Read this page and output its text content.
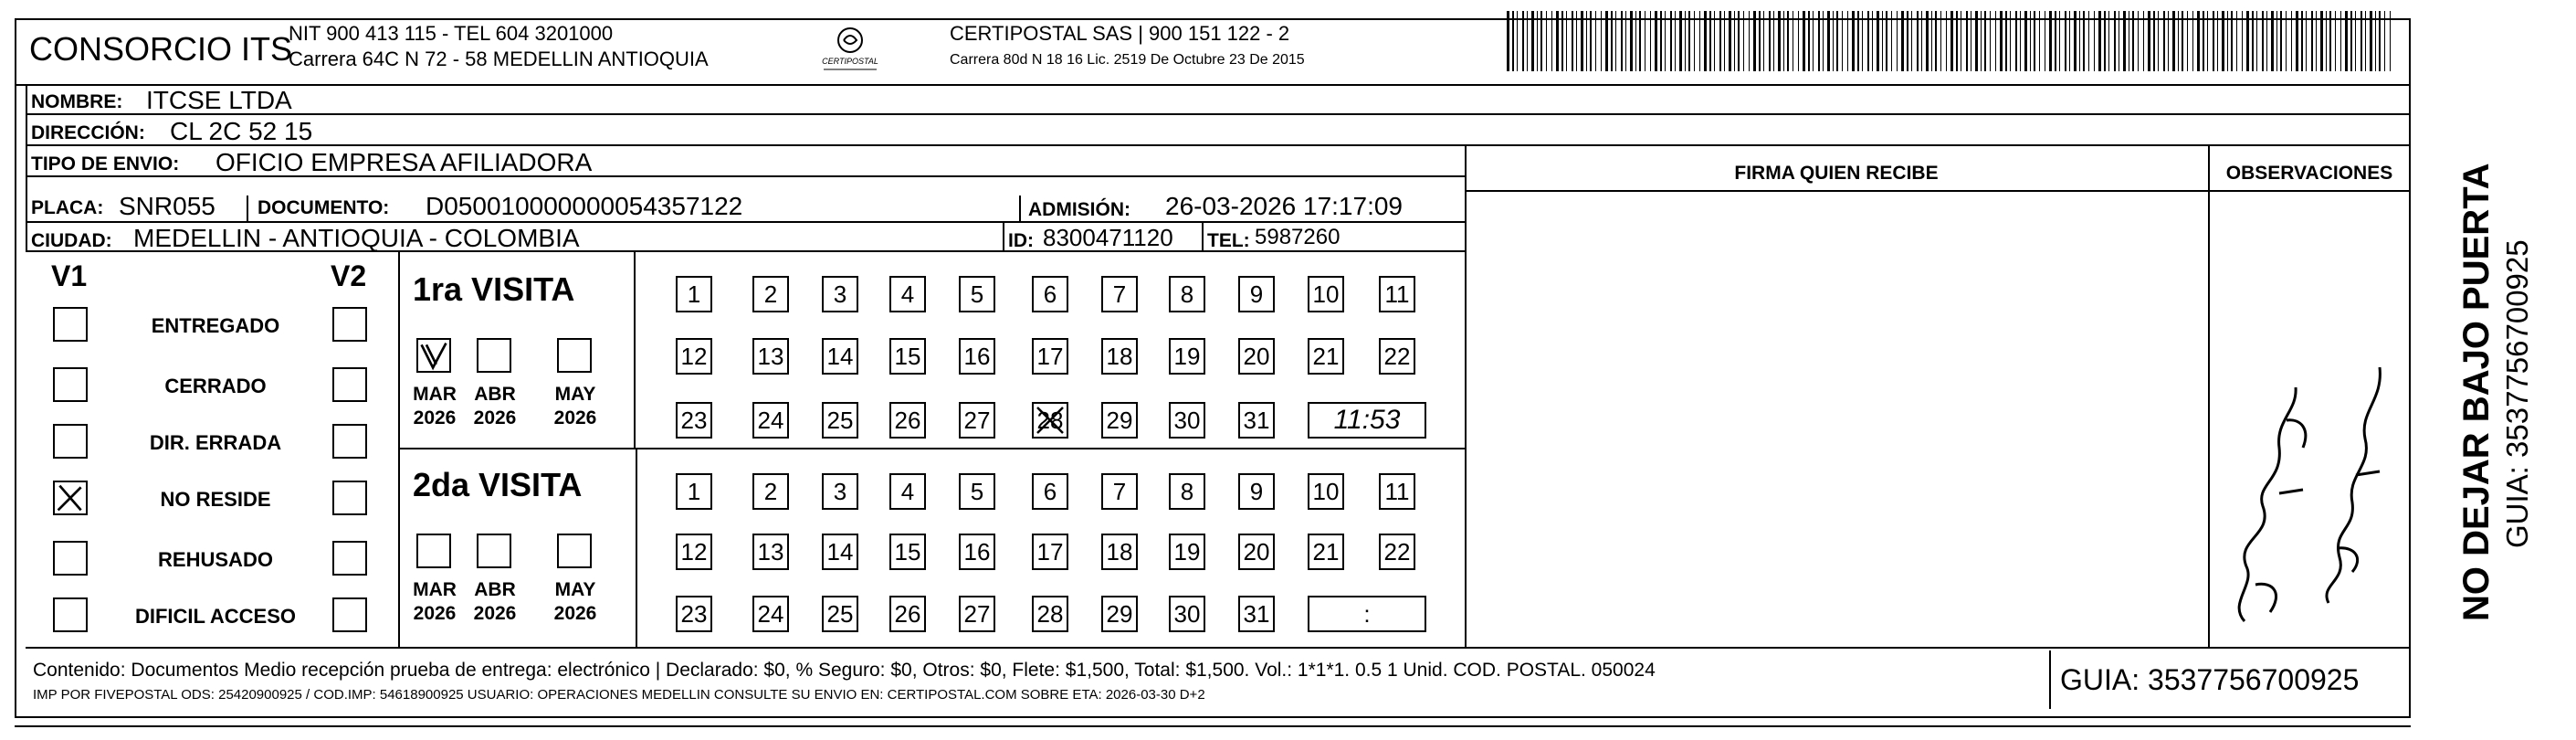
CONSORCIO ITS
NIT 900 413 115 - TEL 604 3201000
Carrera 64C N 72 - 58 MEDELLIN ANTIOQUIA	CERTIPOSTAL
CERTIPOSTAL SAS | 900 151 122 - 2
Carrera 80d N 18 16 Lic. 2519 De Octubre 23 De 2015
NOMBRE: ITCSE LTDA
DIRECCIÓN: CL 2C 52 15
TIPO DE ENVIO: OFICIO EMPRESA AFILIADORA	FIRMA QUIEN RECIBE	OBSERVACIONES
PLACA: SNR055 DOCUMENTO: D050010000000054357122	ADMISIÓN: 26-03-2026 17:17:09
CIUDAD: MEDELLIN - ANTIOQUIA - COLOMBIA	ID: 8300471120 TEL: 5987260
V1	V2
ENTREGADO
CERRADO
DIR. ERRADA
NO RESIDE
REHUSADO
DIFICIL ACCESO
1ra VISITA
2da VISITA
MAR
2026
ABR
2026
MAY
2026
MAR
2026
ABR
2026
MAY
2026
1	2	3	4	5	6	7	8	9	10 11
12 13 14 15 16 17 18 19 20 21 22
23 24 25 26 27 28 29 30 31	11:53
1	2	3	4	5	6	7	8	9	10 11
12 13 14 15 16 17 18 19 20 21 22
23 24 25 26 27 28 29 30 31	:
Contenido: Documentos Medio recepción prueba de entrega: electrónico | Declarado: $0, % Seguro: $0, Otros: $0, Flete: $1,500, Total: $1,500. Vol.: 1*1*1. 0.5 1 Unid. COD. POSTAL. 050024
IMP POR FIVEPOSTAL ODS: 25420900925 / COD.IMP: 54618900925 USUARIO: OPERACIONES MEDELLIN CONSULTE SU ENVIO EN: CERTIPOSTAL.COM SOBRE ETA: 2026-03-30 D+2	GUIA: 3537756700925
NO DEJAR BAJO PUERTA GUIA: 3537756700925
